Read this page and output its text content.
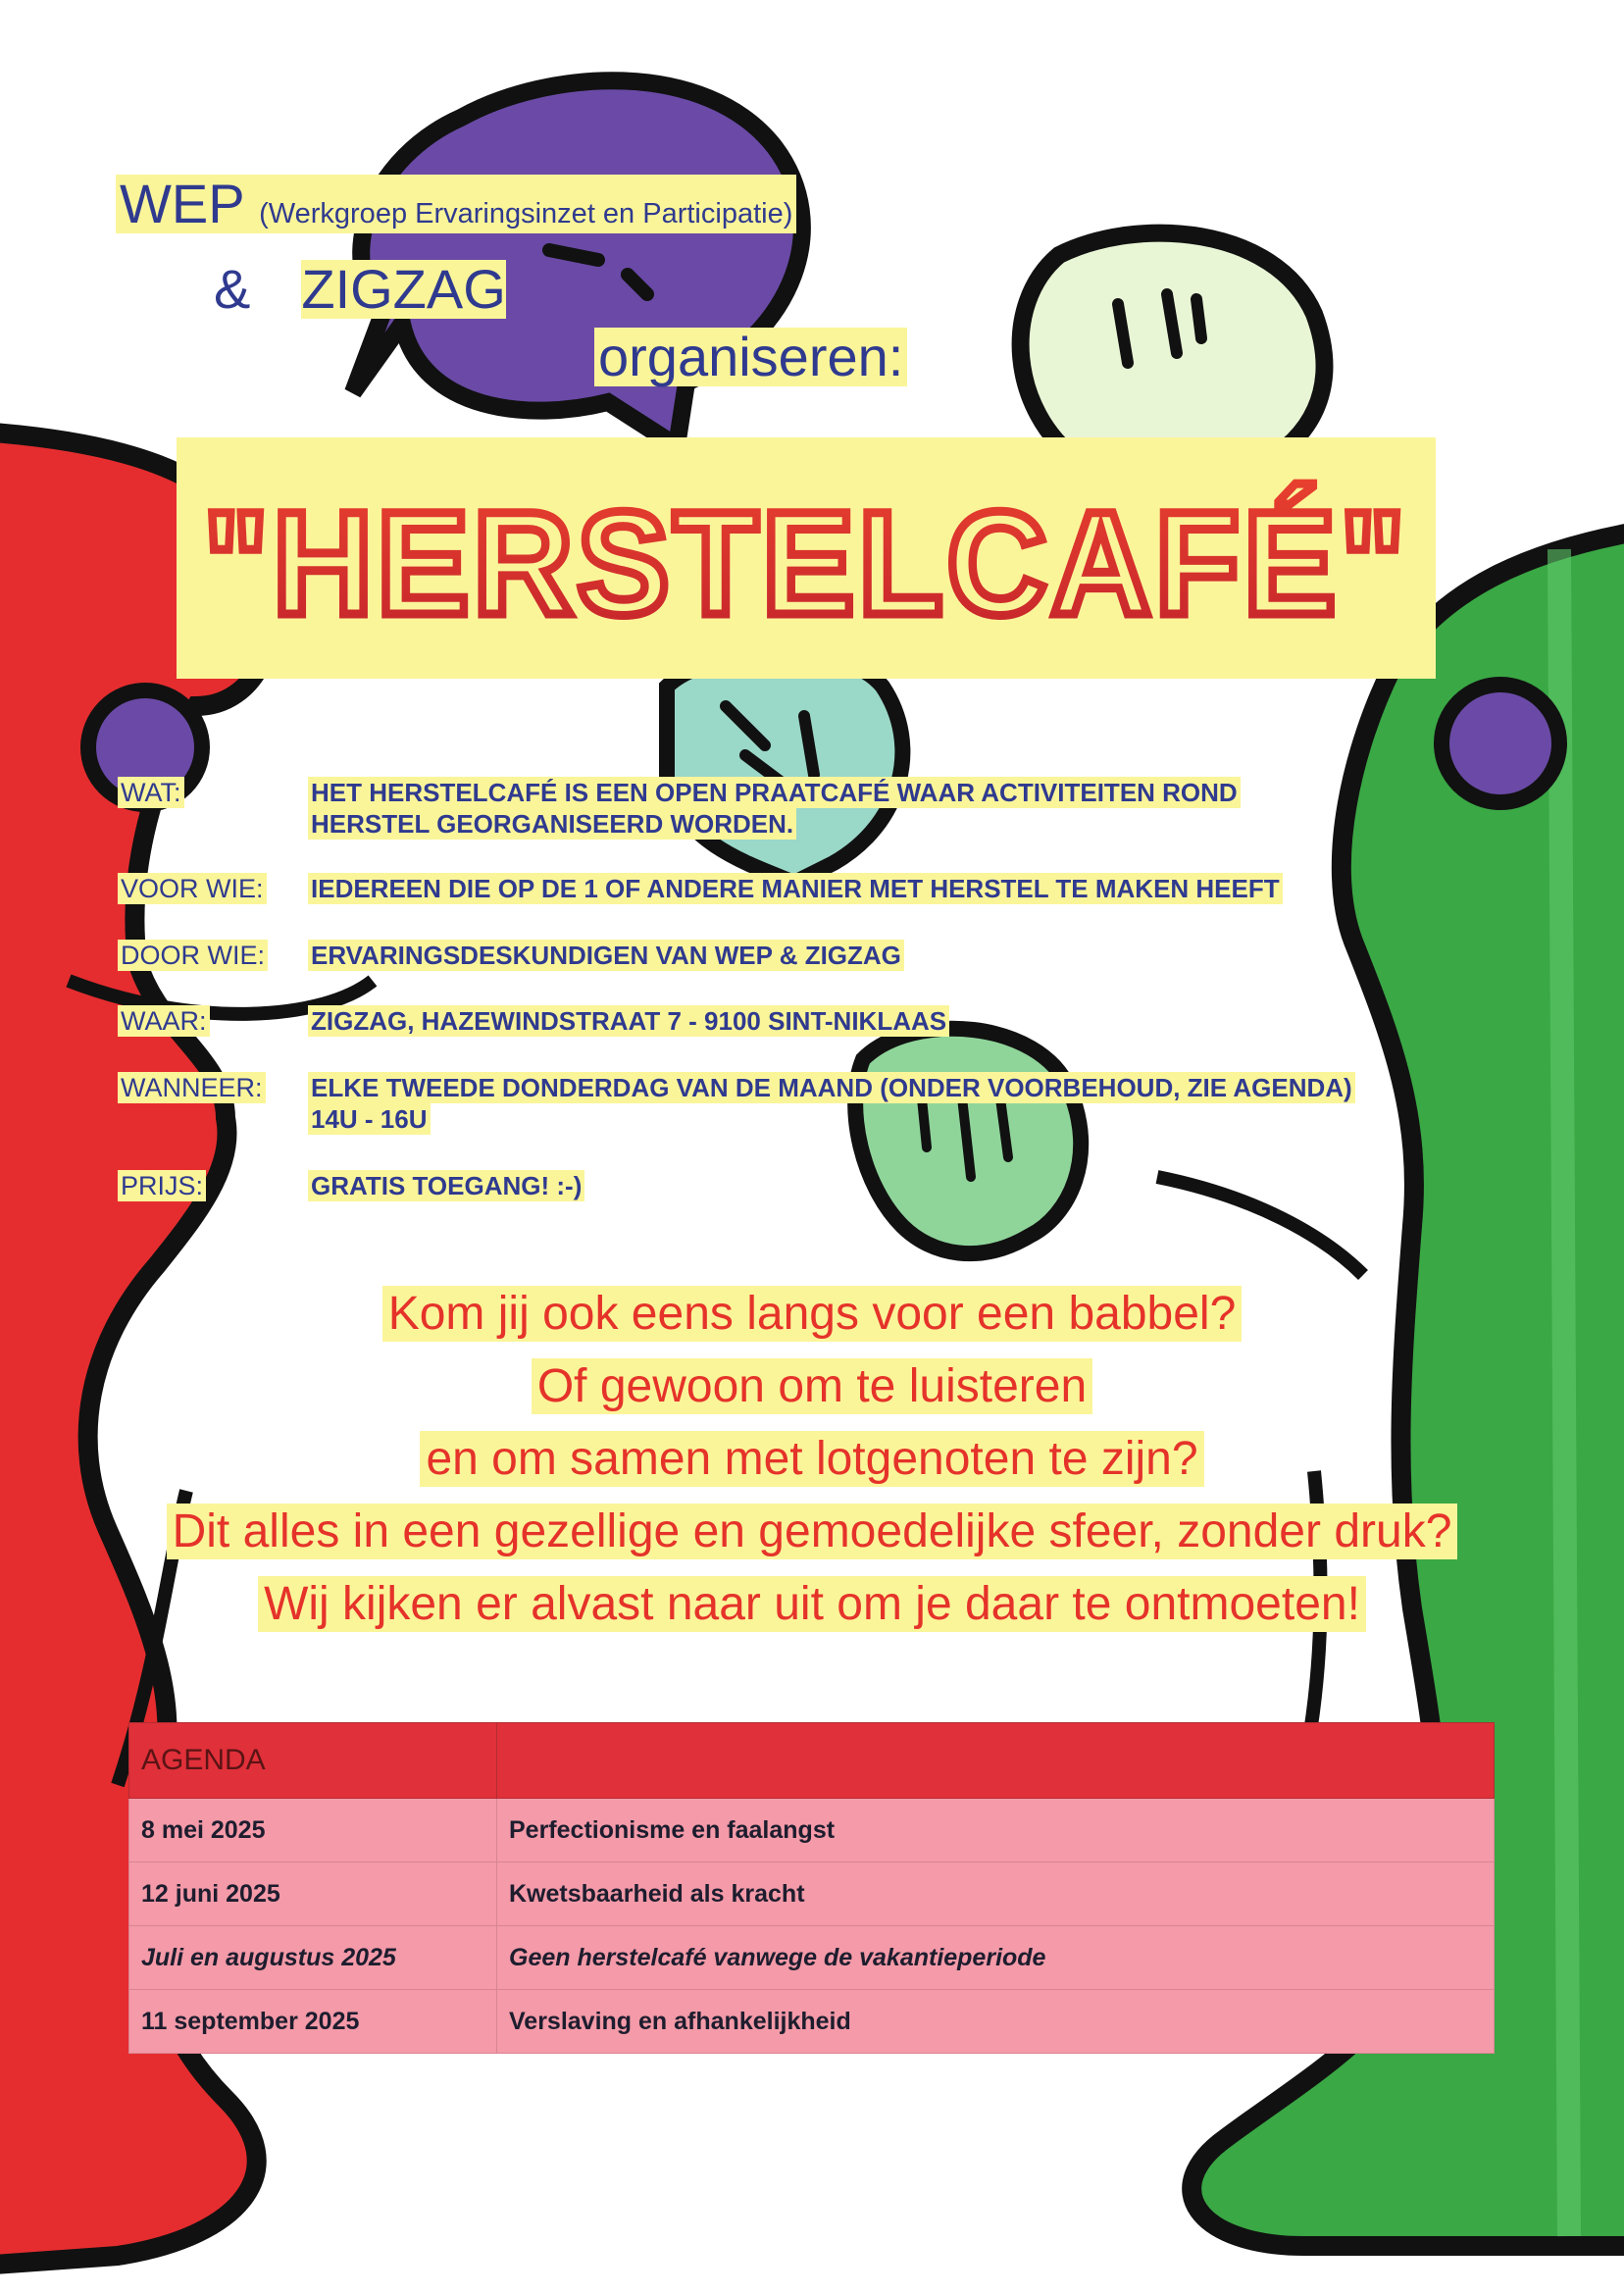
WEP (Werkgroep Ervaringsinzet en Participatie)
& ZIGZAG
organiseren:
"HERSTELCAFÉ"
WAT:	HET HERSTELCAFÉ IS EEN OPEN PRAATCAFÉ WAAR ACTIVITEITEN ROND
HERSTEL GEORGANISEERD WORDEN.
VOOR WIE: IEDEREEN DIE OP DE 1 OF ANDERE MANIER MET HERSTEL TE MAKEN HEEFT
DOOR WIE: ERVARINGSDESKUNDIGEN VAN WEP & ZIGZAG
WAAR:	ZIGZAG, HAZEWINDSTRAAT 7 - 9100 SINT-NIKLAAS
WANNEER: ELKE TWEEDE DONDERDAG VAN DE MAAND (ONDER VOORBEHOUD, ZIE AGENDA)
14U - 16U
PRIJS:	GRATIS TOEGANG! :-)
Kom jij ook eens langs voor een babbel?
Of gewoon om te luisteren
en om samen met lotgenoten te zijn?
Dit alles in een gezellige en gemoedelijke sfeer, zonder druk?
Wij kijken er alvast naar uit om je daar te ontmoeten!
AGENDA	
8 mei 2025	Perfectionisme en faalangst
12 juni 2025	Kwetsbaarheid als kracht
Juli en augustus 2025	Geen herstelcafé vanwege de vakantieperiode
11 september 2025	Verslaving en afhankelijkheid
